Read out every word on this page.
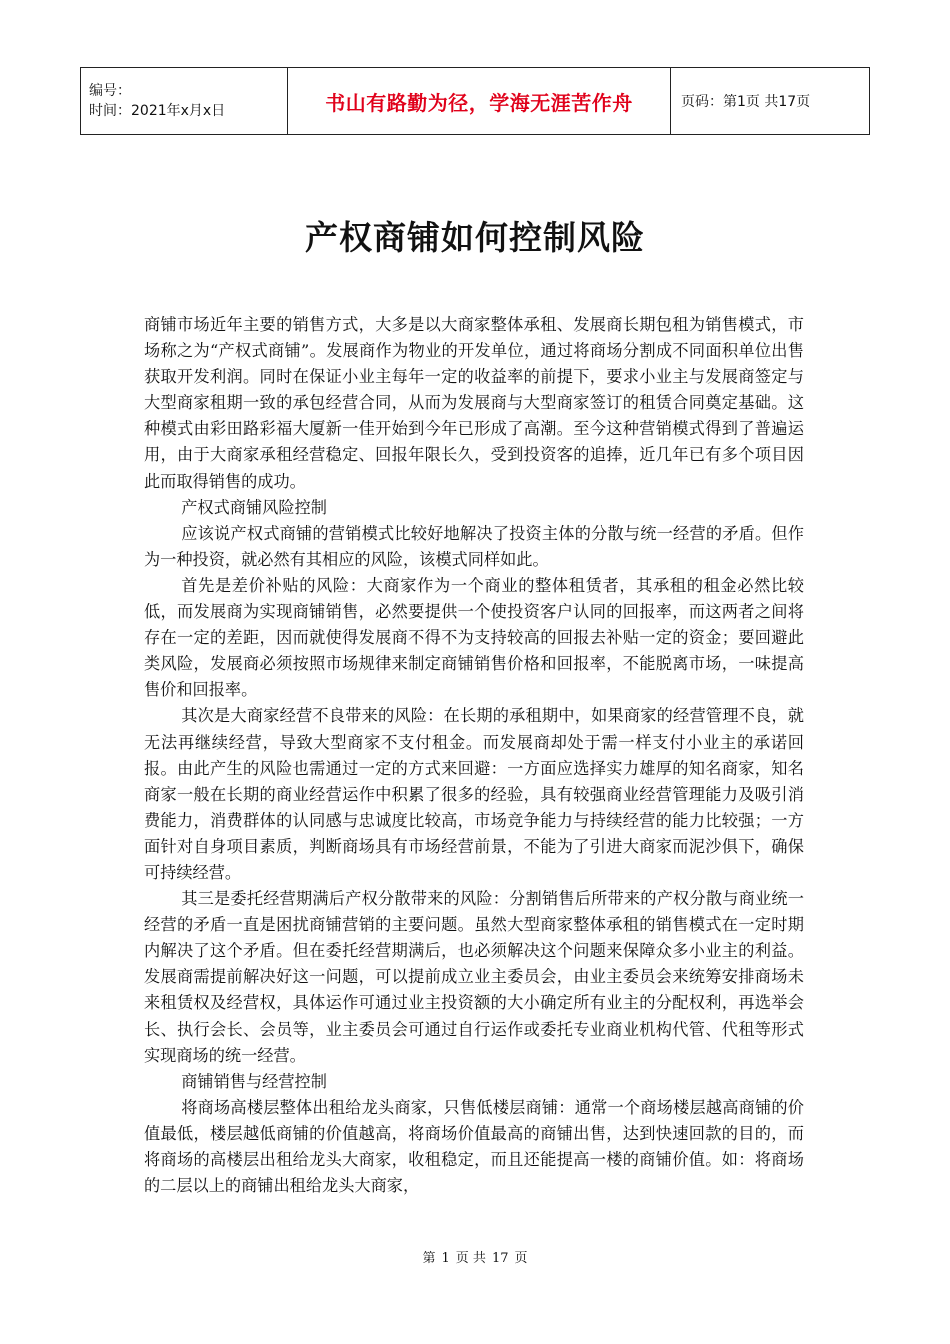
编号：
时间：2021年x月x日	书山有路勤为径，学海无涯苦作舟	页码：第1页 共17页
产权商铺如何控制风险

商铺市场近年主要的销售方式，大多是以大商家整体承租、发展商长期包租为销售模式，市场称之为“产权式商铺”。发展商作为物业的开发单位，通过将商场分割成不同面积单位出售获取开发利润。同时在保证小业主每年一定的收益率的前提下，要求小业主与发展商签定与大型商家租期一致的承包经营合同，从而为发展商与大型商家签订的租赁合同奠定基础。这种模式由彩田路彩福大厦新一佳开始到今年已形成了高潮。至今这种营销模式得到了普遍运用，由于大商家承租经营稳定、回报年限长久，受到投资客的追捧，近几年已有多个项目因此而取得销售的成功。

产权式商铺风险控制

应该说产权式商铺的营销模式比较好地解决了投资主体的分散与统一经营的矛盾。但作为一种投资，就必然有其相应的风险，该模式同样如此。

首先是差价补贴的风险：大商家作为一个商业的整体租赁者，其承租的租金必然比较低，而发展商为实现商铺销售，必然要提供一个使投资客户认同的回报率，而这两者之间将存在一定的差距，因而就使得发展商不得不为支持较高的回报去补贴一定的资金；要回避此类风险，发展商必须按照市场规律来制定商铺销售价格和回报率，不能脱离市场，一味提高售价和回报率。

其次是大商家经营不良带来的风险：在长期的承租期中，如果商家的经营管理不良，就无法再继续经营，导致大型商家不支付租金。而发展商却处于需一样支付小业主的承诺回报。由此产生的风险也需通过一定的方式来回避：一方面应选择实力雄厚的知名商家，知名商家一般在长期的商业经营运作中积累了很多的经验，具有较强商业经营管理能力及吸引消费能力，消费群体的认同感与忠诚度比较高，市场竞争能力与持续经营的能力比较强；一方面针对自身项目素质，判断商场具有市场经营前景，不能为了引进大商家而泥沙俱下，确保可持续经营。

其三是委托经营期满后产权分散带来的风险：分割销售后所带来的产权分散与商业统一经营的矛盾一直是困扰商铺营销的主要问题。虽然大型商家整体承租的销售模式在一定时期内解决了这个矛盾。但在委托经营期满后，也必须解决这个问题来保障众多小业主的利益。发展商需提前解决好这一问题，可以提前成立业主委员会，由业主委员会来统筹安排商场未来租赁权及经营权，具体运作可通过业主投资额的大小确定所有业主的分配权利，再选举会长、执行会长、会员等，业主委员会可通过自行运作或委托专业商业机构代管、代租等形式实现商场的统一经营。

商铺销售与经营控制

将商场高楼层整体出租给龙头商家，只售低楼层商铺：通常一个商场楼层越高商铺的价值最低，楼层越低商铺的价值越高，将商场价值最高的商铺出售，达到快速回款的目的，而将商场的高楼层出租给龙头大商家，收租稳定，而且还能提高一楼的商铺价值。如：将商场的二层以上的商铺出租给龙头大商家，

第 1 页 共 17 页
